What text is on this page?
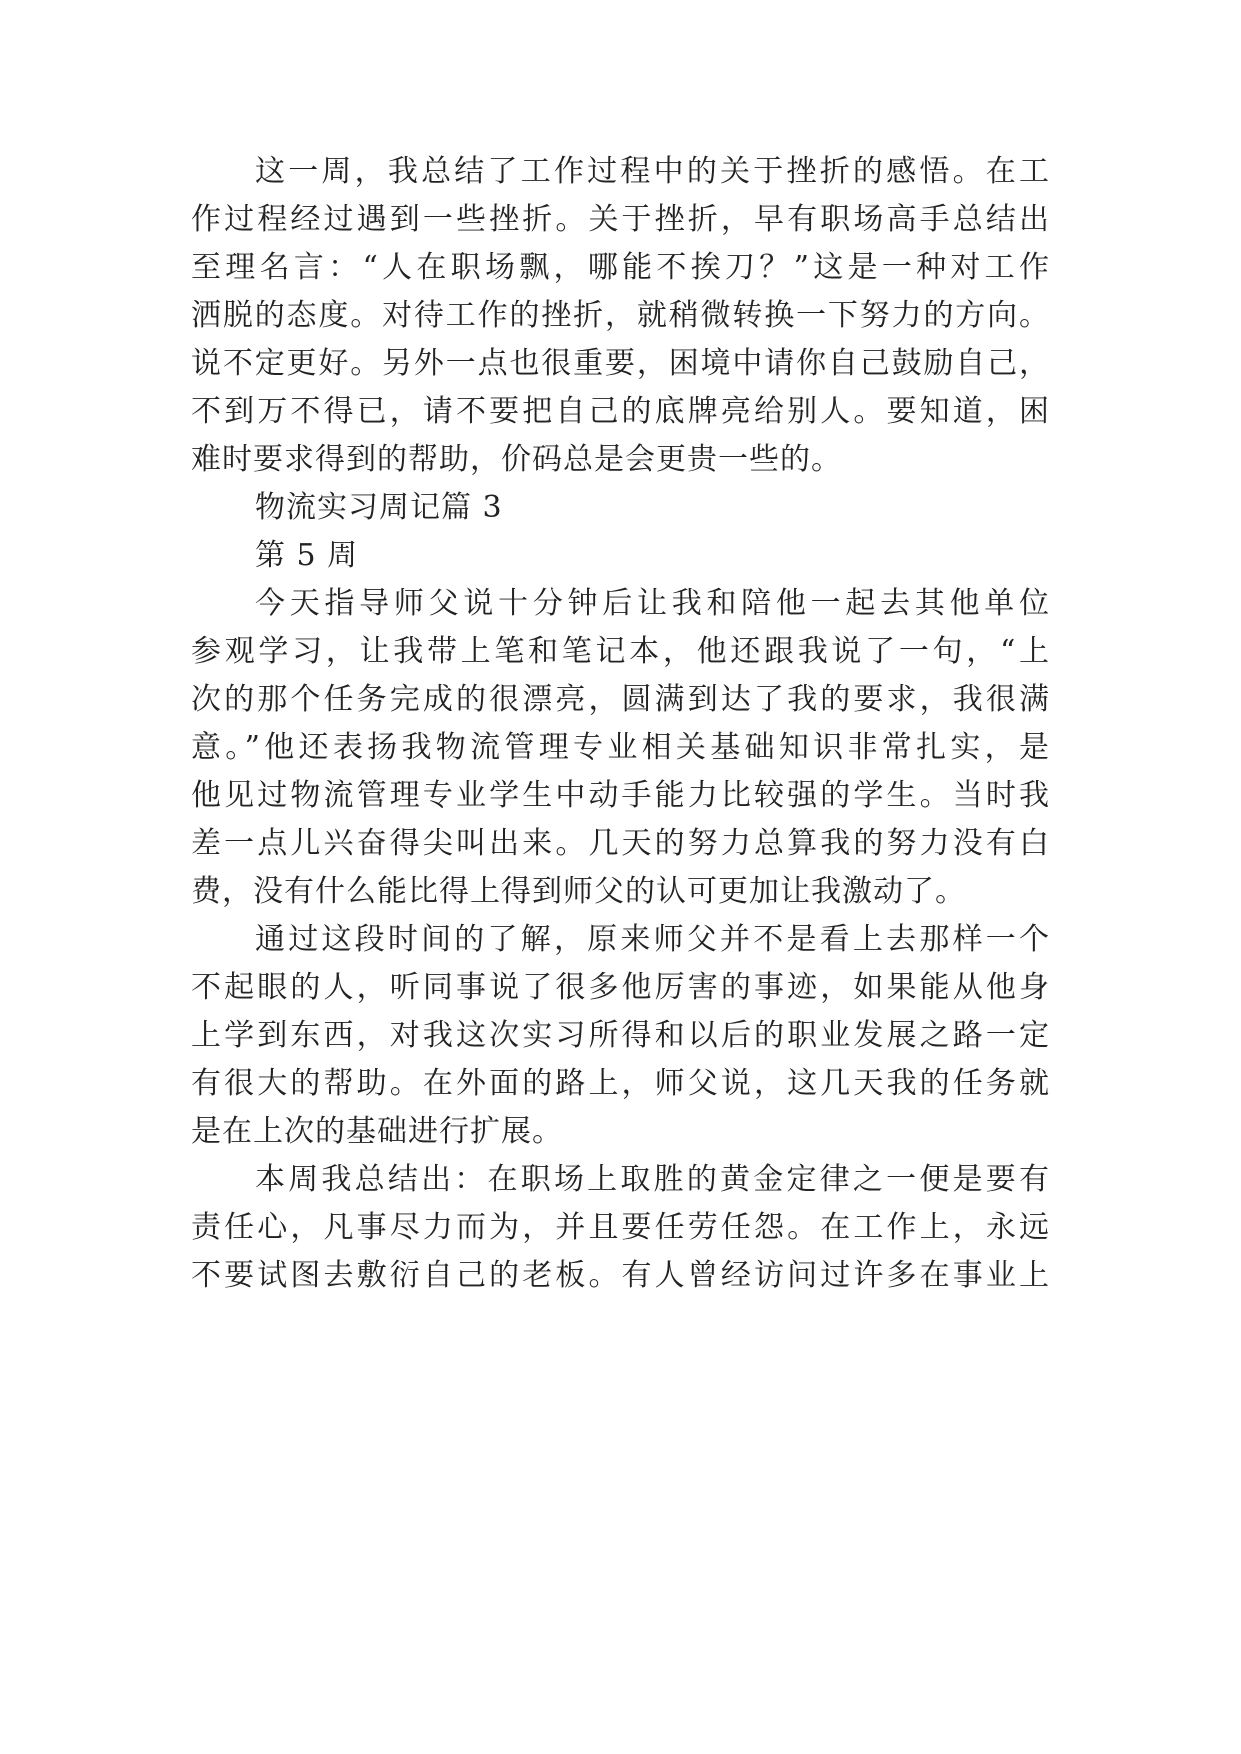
这一周，我总结了工作过程中的关于挫折的感悟。在工
作过程经过遇到一些挫折。关于挫折，早有职场高手总结出
至理名言：“人在职场飘，哪能不挨刀？”这是一种对工作
洒脱的态度。对待工作的挫折，就稍微转换一下努力的方向。
说不定更好。另外一点也很重要，困境中请你自己鼓励自己，
不到万不得已，请不要把自己的底牌亮给别人。要知道，困
难时要求得到的帮助，价码总是会更贵一些的。
物流实习周记篇 3
第 5 周
今天指导师父说十分钟后让我和陪他一起去其他单位
参观学习，让我带上笔和笔记本，他还跟我说了一句，“上
次的那个任务完成的很漂亮，圆满到达了我的要求，我很满
意。”他还表扬我物流管理专业相关基础知识非常扎实，是
他见过物流管理专业学生中动手能力比较强的学生。当时我
差一点儿兴奋得尖叫出来。几天的努力总算我的努力没有白
费，没有什么能比得上得到师父的认可更加让我激动了。
通过这段时间的了解，原来师父并不是看上去那样一个
不起眼的人，听同事说了很多他厉害的事迹，如果能从他身
上学到东西，对我这次实习所得和以后的职业发展之路一定
有很大的帮助。在外面的路上，师父说，这几天我的任务就
是在上次的基础进行扩展。
本周我总结出：在职场上取胜的黄金定律之一便是要有
责任心，凡事尽力而为，并且要任劳任怨。在工作上，永远
不要试图去敷衍自己的老板。有人曾经访问过许多在事业上
